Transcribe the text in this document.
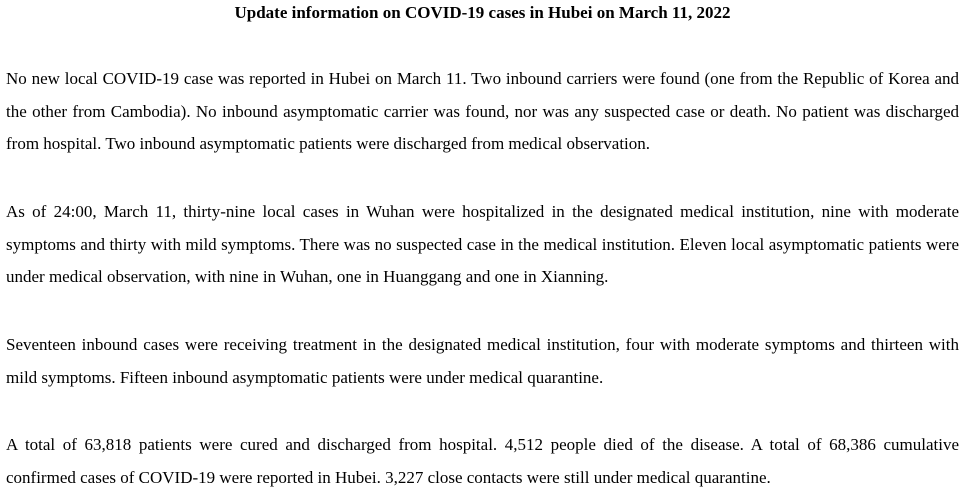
Update information on COVID-19 cases in Hubei on March 11, 2022

No new local COVID-19 case was reported in Hubei on March 11. Two inbound carriers were found (one from the Republic of Korea and the other from Cambodia). No inbound asymptomatic carrier was found, nor was any suspected case or death. No patient was discharged from hospital. Two inbound asymptomatic patients were discharged from medical observation.

As of 24:00, March 11, thirty-nine local cases in Wuhan were hospitalized in the designated medical institution, nine with moderate symptoms and thirty with mild symptoms. There was no suspected case in the medical institution. Eleven local asymptomatic patients were under medical observation, with nine in Wuhan, one in Huanggang and one in Xianning.

Seventeen inbound cases were receiving treatment in the designated medical institution, four with moderate symptoms and thirteen with mild symptoms. Fifteen inbound asymptomatic patients were under medical quarantine.

A total of 63,818 patients were cured and discharged from hospital. 4,512 people died of the disease. A total of 68,386 cumulative confirmed cases of COVID-19 were reported in Hubei. 3,227 close contacts were still under medical quarantine.
